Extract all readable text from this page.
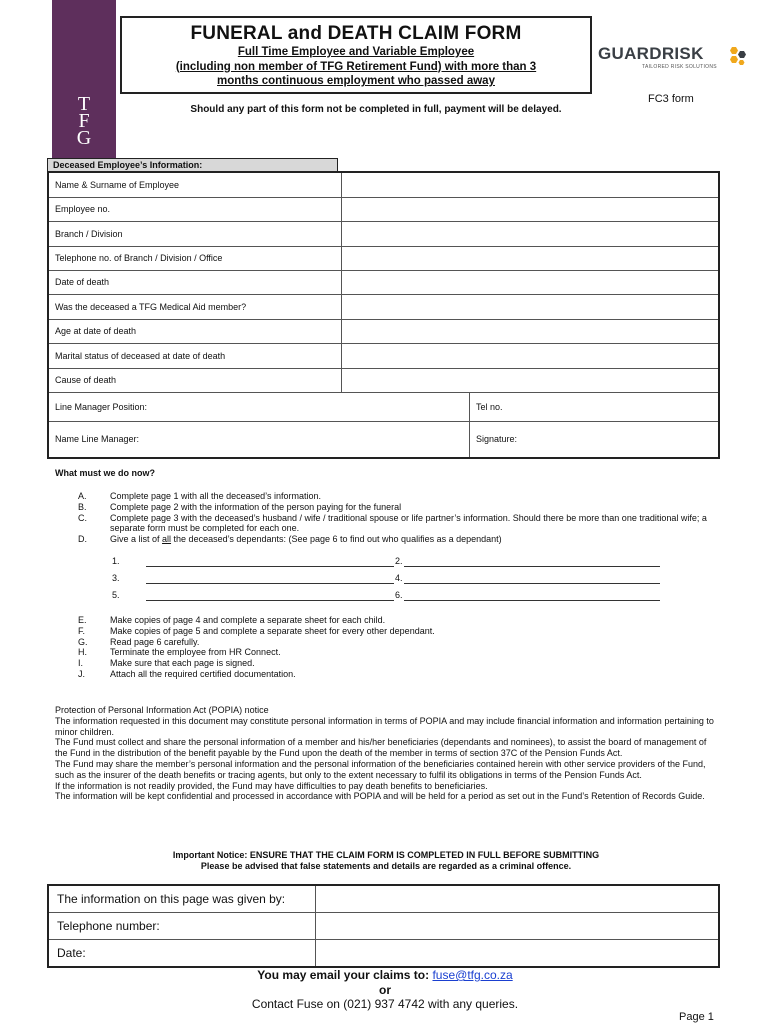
T
F
G
FUNERAL and DEATH CLAIM FORM
Full Time Employee and Variable Employee
(including non member of TFG Retirement Fund) with more than 3
months continuous employment who passed away
GUARDRISK
TAILORED RISK SOLUTIONS
FC3 form
Should any part of this form not be completed in full, payment will be delayed.
Deceased Employee’s Information:
Name & Surname of Employee		
Employee no.		
Branch / Division		
Telephone no. of Branch / Division / Office		
Date of death		
Was the deceased a TFG Medical Aid member?		
Age at date of death		
Marital status of deceased at date of death		
Cause of death		
Line Manager Position:		Tel no.
Name Line Manager:		Signature:
What must we do now?
A.	Complete page 1 with all the deceased’s information.
B.	Complete page 2 with the information of the person paying for the funeral
C.	Complete page 3 with the deceased’s husband / wife / traditional spouse or life partner’s information. Should there be more than one traditional wife; a separate form must be completed for each one.
D.	Give a list of all the deceased’s dependants: (See page 6 to find out who qualifies as a dependant)
1.	2.
3.	4.
5.	6.
E.	Make copies of page 4 and complete a separate sheet for each child.
F.	Make copies of page 5 and complete a separate sheet for every other dependant.
G.	Read page 6 carefully.
H.	Terminate the employee from HR Connect.
I.	Make sure that each page is signed.
J.	Attach all the required certified documentation.
Protection of Personal Information Act (POPIA) notice
The information requested in this document may constitute personal information in terms of POPIA and may include financial information and information pertaining to minor children.
The Fund must collect and share the personal information of a member and his/her beneficiaries (dependants and nominees), to assist the board of management of the Fund in the distribution of the benefit payable by the Fund upon the death of the member in terms of section 37C of the Pension Funds Act.
The Fund may share the member’s personal information and the personal information of the beneficiaries contained herein with other service providers of the Fund, such as the insurer of the death benefits or tracing agents, but only to the extent necessary to fulfil its obligations in terms of the Pension Funds Act.
If the information is not readily provided, the Fund may have difficulties to pay death benefits to beneficiaries.
The information will be kept confidential and processed in accordance with POPIA and will be held for a period as set out in the Fund’s Retention of Records Guide.
Important Notice: ENSURE THAT THE CLAIM FORM IS COMPLETED IN FULL BEFORE SUBMITTING
Please be advised that false statements and details are regarded as a criminal offence.
The information on this page was given by:	
Telephone number:	
Date:	
You may email your claims to: fuse@tfg.co.za
or
Contact Fuse on (021) 937 4742 with any queries.
Page 1
